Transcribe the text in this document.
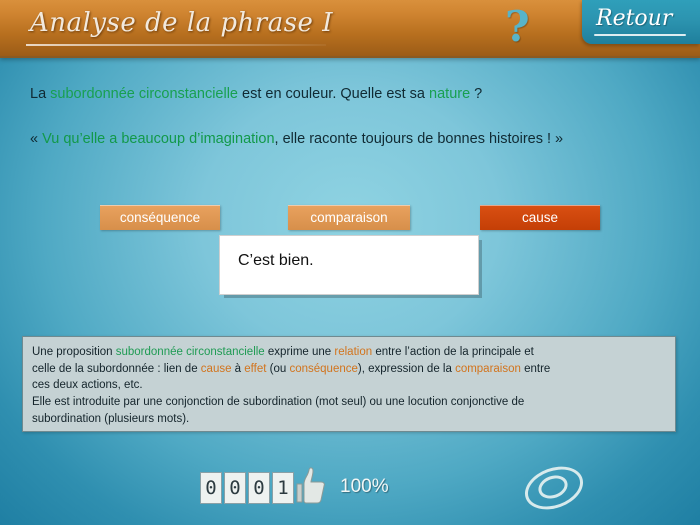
Analyse de la phrase I	?	Retour
La subordonnée circonstancielle est en couleur. Quelle est sa nature ?
« Vu qu’elle a beaucoup d’imagination, elle raconte toujours de bonnes histoires ! »
conséquence	comparaison	cause
C’est bien.
Une proposition subordonnée circonstancielle exprime une relation entre l’action de la principale et
celle de la subordonnée : lien de cause à effet (ou conséquence), expression de la comparaison entre
ces deux actions, etc.
Elle est introduite par une conjonction de subordination (mot seul) ou une locution conjonctive de
subordination (plusieurs mots).
0 0 0 1	100%
